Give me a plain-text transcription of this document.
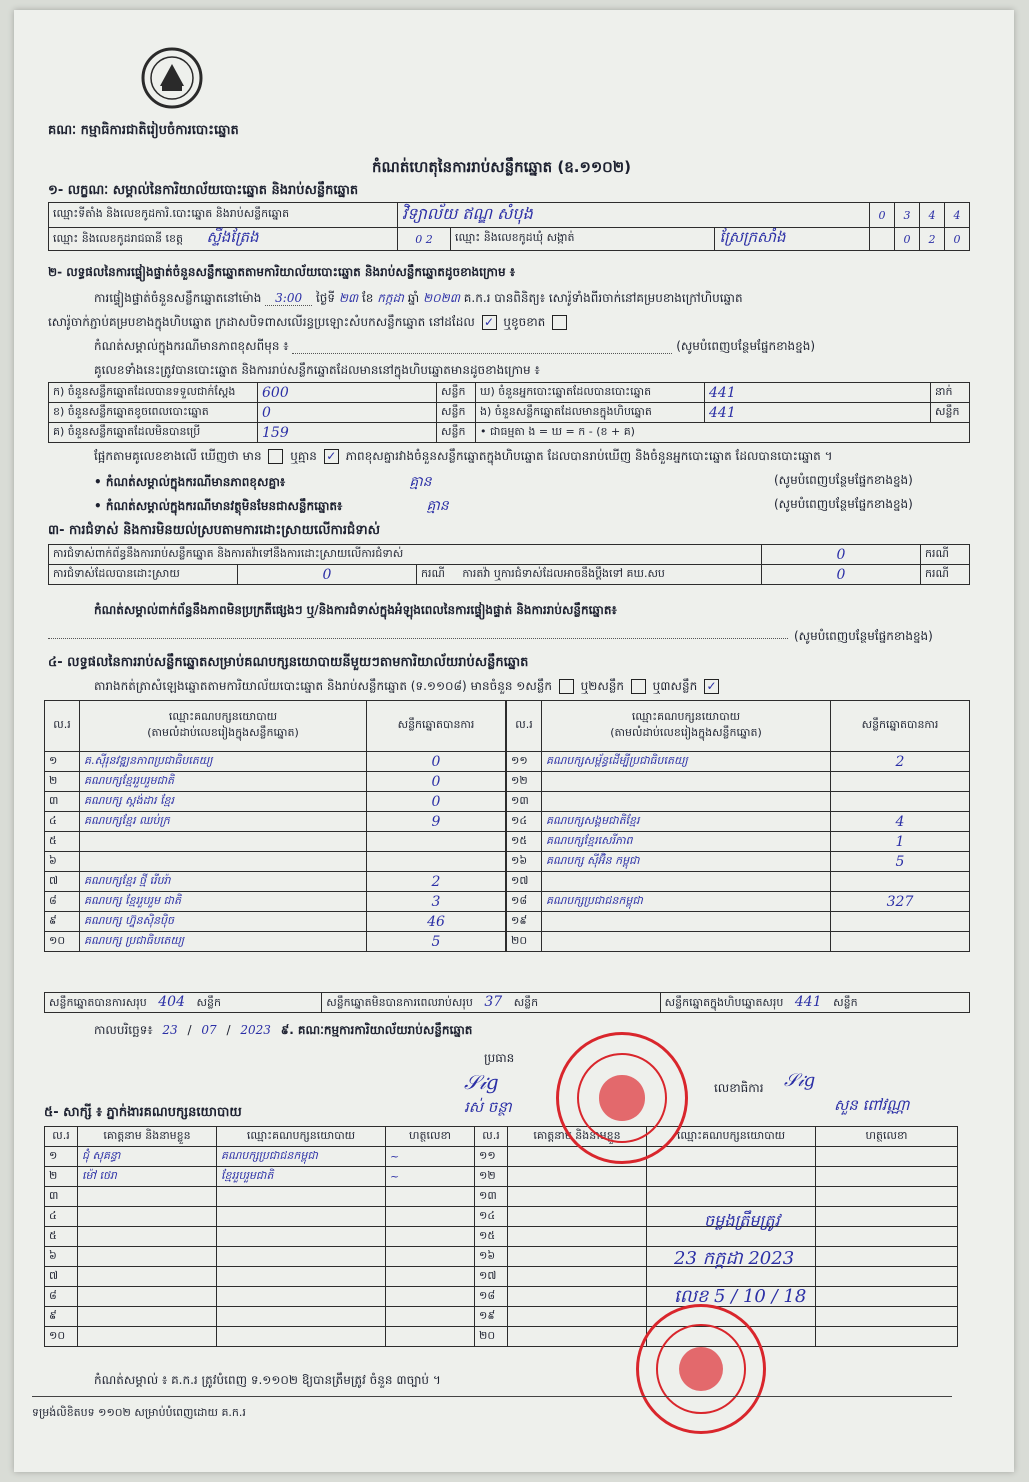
គណៈ កម្មាធិការជាតិរៀបចំការបោះឆ្នោត
កំណត់ហេតុនៃការរាប់សន្លឹកឆ្នោត (ឧ.១១០២)
១- លក្ខណៈ សម្គាល់នៃការិយាល័យបោះឆ្នោត និងរាប់សន្លឹកឆ្នោត
ឈ្មោះទីតាំង និងលេខកូដការិ.បោះឆ្នោត និងរាប់សន្លឹកឆ្នោត	វិទ្យាល័យ ឥណ្ឌ សំបុង			0	3	4	4
ឈ្មោះ និងលេខកូដរាជធានី ខេត្ត ស្ទឹងត្រែង	0 2	ឈ្មោះ និងលេខកូដឃុំ សង្កាត់	ស្រែក្រសាំង		0	2	0
២- លទ្ធផលនៃការផ្ទៀងផ្ទាត់ចំនួនសន្លឹកឆ្នោតតាមការិយាល័យបោះឆ្នោត និងរាប់សន្លឹកឆ្នោតដូចខាងក្រោម ៖
ការផ្ទៀងផ្ទាត់ចំនួនសន្លឹកឆ្នោតនៅម៉ោង 3:00 ថ្ងៃទី ២៣ ខែ កក្កដា ឆ្នាំ ២០២៣ គ.ក.រ បានពិនិត្យ៖ សោរ៉ូទាំងពីរចាក់នៅគម្របខាងក្រៅហិបឆ្នោត
សោរ៉ូចាក់ភ្ជាប់គម្របខាងក្នុងហិបឆ្នោត ក្រដាសបិទពាសលើរន្ធប្រឡោះសំបកសន្លឹកឆ្នោត នៅដដែល ✓ ឬខូចខាត
កំណត់សម្គាល់ក្នុងករណីមានភាពខុសពីមុន ៖	(សូមបំពេញបន្ថែមផ្នែកខាងខ្នង)
គូលេខទាំងនេះត្រូវបានបោះឆ្នោត និងការរាប់សន្លឹកឆ្នោតដែលមាននៅក្នុងហិបឆ្នោតមានដូចខាងក្រោម ៖
ក) ចំនួនសន្លឹកឆ្នោតដែលបានទទួលជាក់ស្តែង	600	សន្លឹក	ឃ) ចំនួនអ្នកបោះឆ្នោតដែលបានបោះឆ្នោត	441	នាក់
ខ) ចំនួនសន្លឹកឆ្នោតខូចពេលបោះឆ្នោត	0	សន្លឹក	ង) ចំនួនសន្លឹកឆ្នោតដែលមានក្នុងហិបឆ្នោត	441	សន្លឹក
គ) ចំនួនសន្លឹកឆ្នោតដែលមិនបានប្រើ	159	សន្លឹក	• ជាធម្មតា ង = ឃ = ក - (ខ + គ)		
ផ្អែកតាមគូលេខខាងលើ ឃើញថា មាន ឬគ្មាន ✓ ភាពខុសគ្នារវាងចំនួនសន្លឹកឆ្នោតក្នុងហិបឆ្នោត ដែលបានរាប់ឃើញ និងចំនួនអ្នកបោះឆ្នោត ដែលបានបោះឆ្នោត ។
• កំណត់សម្គាល់ក្នុងករណីមានភាពខុសគ្នា៖	គ្មាន	(សូមបំពេញបន្ថែមផ្នែកខាងខ្នង)
• កំណត់សម្គាល់ក្នុងករណីមានវត្ថុមិនមែនជាសន្លឹកឆ្នោត៖	គ្មាន	(សូមបំពេញបន្ថែមផ្នែកខាងខ្នង)
៣- ការជំទាស់ និងការមិនយល់ស្របតាមការដោះស្រាយលើការជំទាស់
ការជំទាស់ពាក់ព័ន្ធនឹងការរាប់សន្លឹកឆ្នោត និងការតវ៉ាទៅនឹងការដោះស្រាយលើការជំទាស់			0	ករណី
ការជំទាស់ដែលបានដោះស្រាយ	0	ករណី ការតវ៉ា ឬការជំទាស់ដែលអាចនឹងប្តឹងទៅ គឃ.សប	0	ករណី
កំណត់សម្គាល់ពាក់ព័ន្ធនឹងភាពមិនប្រក្រតីផ្សេងៗ ឬ/និងការជំទាស់ក្នុងអំឡុងពេលនៃការផ្ទៀងផ្ទាត់ និងការរាប់សន្លឹកឆ្នោត៖
(សូមបំពេញបន្ថែមផ្នែកខាងខ្នង)
៤- លទ្ធផលនៃការរាប់សន្លឹកឆ្នោតសម្រាប់គណបក្សនយោបាយនីមួយៗតាមការិយាល័យរាប់សន្លឹកឆ្នោត
តារាងកត់ត្រាសំឡេងឆ្នោតតាមការិយាល័យបោះឆ្នោត និងរាប់សន្លឹកឆ្នោត (ទ.១១០៨) មានចំនួន ១សន្លឹក ឬ២សន្លឹក ឬ៣សន្លឹក ✓
ល.រ	ឈ្មោះគណបក្សនយោបាយ
(តាមលំដាប់លេខរៀងក្នុងសន្លឹកឆ្នោត)	សន្លឹកឆ្នោតបានការ
១	គ.ស៊ីរុនវឌ្ឍនភាពប្រជាធិបតេយ្យ	0
២	គណបក្សខ្មែររួបរួមជាតិ	0
៣	គណបក្ស ស្តង់ដារ ខ្មែរ	0
៤	គណបក្សខ្មែរ ឈប់ក្រ	9
៥		
៦		
៧	គណបក្សខ្មែរ ថ្មី រើបរ៉ា	2
៨	គណបក្ស ខ្មែររួបរួម ជាតិ	3
៩	គណបក្ស ហ្វ៊ុនស៊ិនប៉ិច	46
១០	គណបក្ស ប្រជាធិបតេយ្យ	5
ល.រ	ឈ្មោះគណបក្សនយោបាយ
(តាមលំដាប់លេខរៀងក្នុងសន្លឹកឆ្នោត)	សន្លឹកឆ្នោតបានការ
១១	គណបក្សសម្ព័ន្ធដើម្បីប្រជាធិបតេយ្យ	2
១២		
១៣		
១៤	គណបក្សសង្គមជាតិខ្មែរ	4
១៥	គណបក្សខ្មែរសេរីភាព	1
១៦	គណបក្ស ស៊ីអ៊ិន កម្ពុជា	5
១៧		
១៨	គណបក្សប្រជាជនកម្ពុជា	327
១៩		
២០		
សន្លឹកឆ្នោតបានការសរុប 404 សន្លឹក	សន្លឹកឆ្នោតមិនបានការពេលរាប់សរុប 37 សន្លឹក	សន្លឹកឆ្នោតក្នុងហិបឆ្នោតសរុប 441 សន្លឹក
កាលបរិច្ឆេទ៖ 23 / 07 / 2023 ៩. គណៈកម្មការការិយាល័យរាប់សន្លឹកឆ្នោត
ប្រធាន
𝒮𝒾𝑔
រស់ ចន្ថា
លេខាធិការ 𝒮𝒾𝑔
សួន ពៅវណ្ណា
៥- សាក្សី ៖ ភ្នាក់ងារគណបក្សនយោបាយ
ល.រ	គោត្តនាម និងនាមខ្លួន	ឈ្មោះគណបក្សនយោបាយ	ហត្ថលេខា	ល.រ	គោត្តនាម និងនាមខ្លួន	ឈ្មោះគណបក្សនយោបាយ	ហត្ថលេខា
១	ជុំ សុគន្ធា	គណបក្សប្រជាជនកម្ពុជា	~	១១			
២	ម៉ៅ ថេរា	ខ្មែររួបរួមជាតិ	~	១២			
៣				១៣			
៤				១៤			
៥				១៥			
៦				១៦			
៧				១៧			
៨				១៨			
៩				១៩			
១០				២០			
ចម្លងត្រឹមត្រូវ
23 កក្កដា 2023
លេខ 5 / 10 / 18
កំណត់សម្គាល់ ៖ គ.ក.រ ត្រូវបំពេញ ទ.១១០២ ឱ្យបានត្រឹមត្រូវ ចំនួន ៣ច្បាប់ ។
ទម្រង់លិខិតបទ ១១០២ សម្រាប់បំពេញដោយ គ.ក.រ
